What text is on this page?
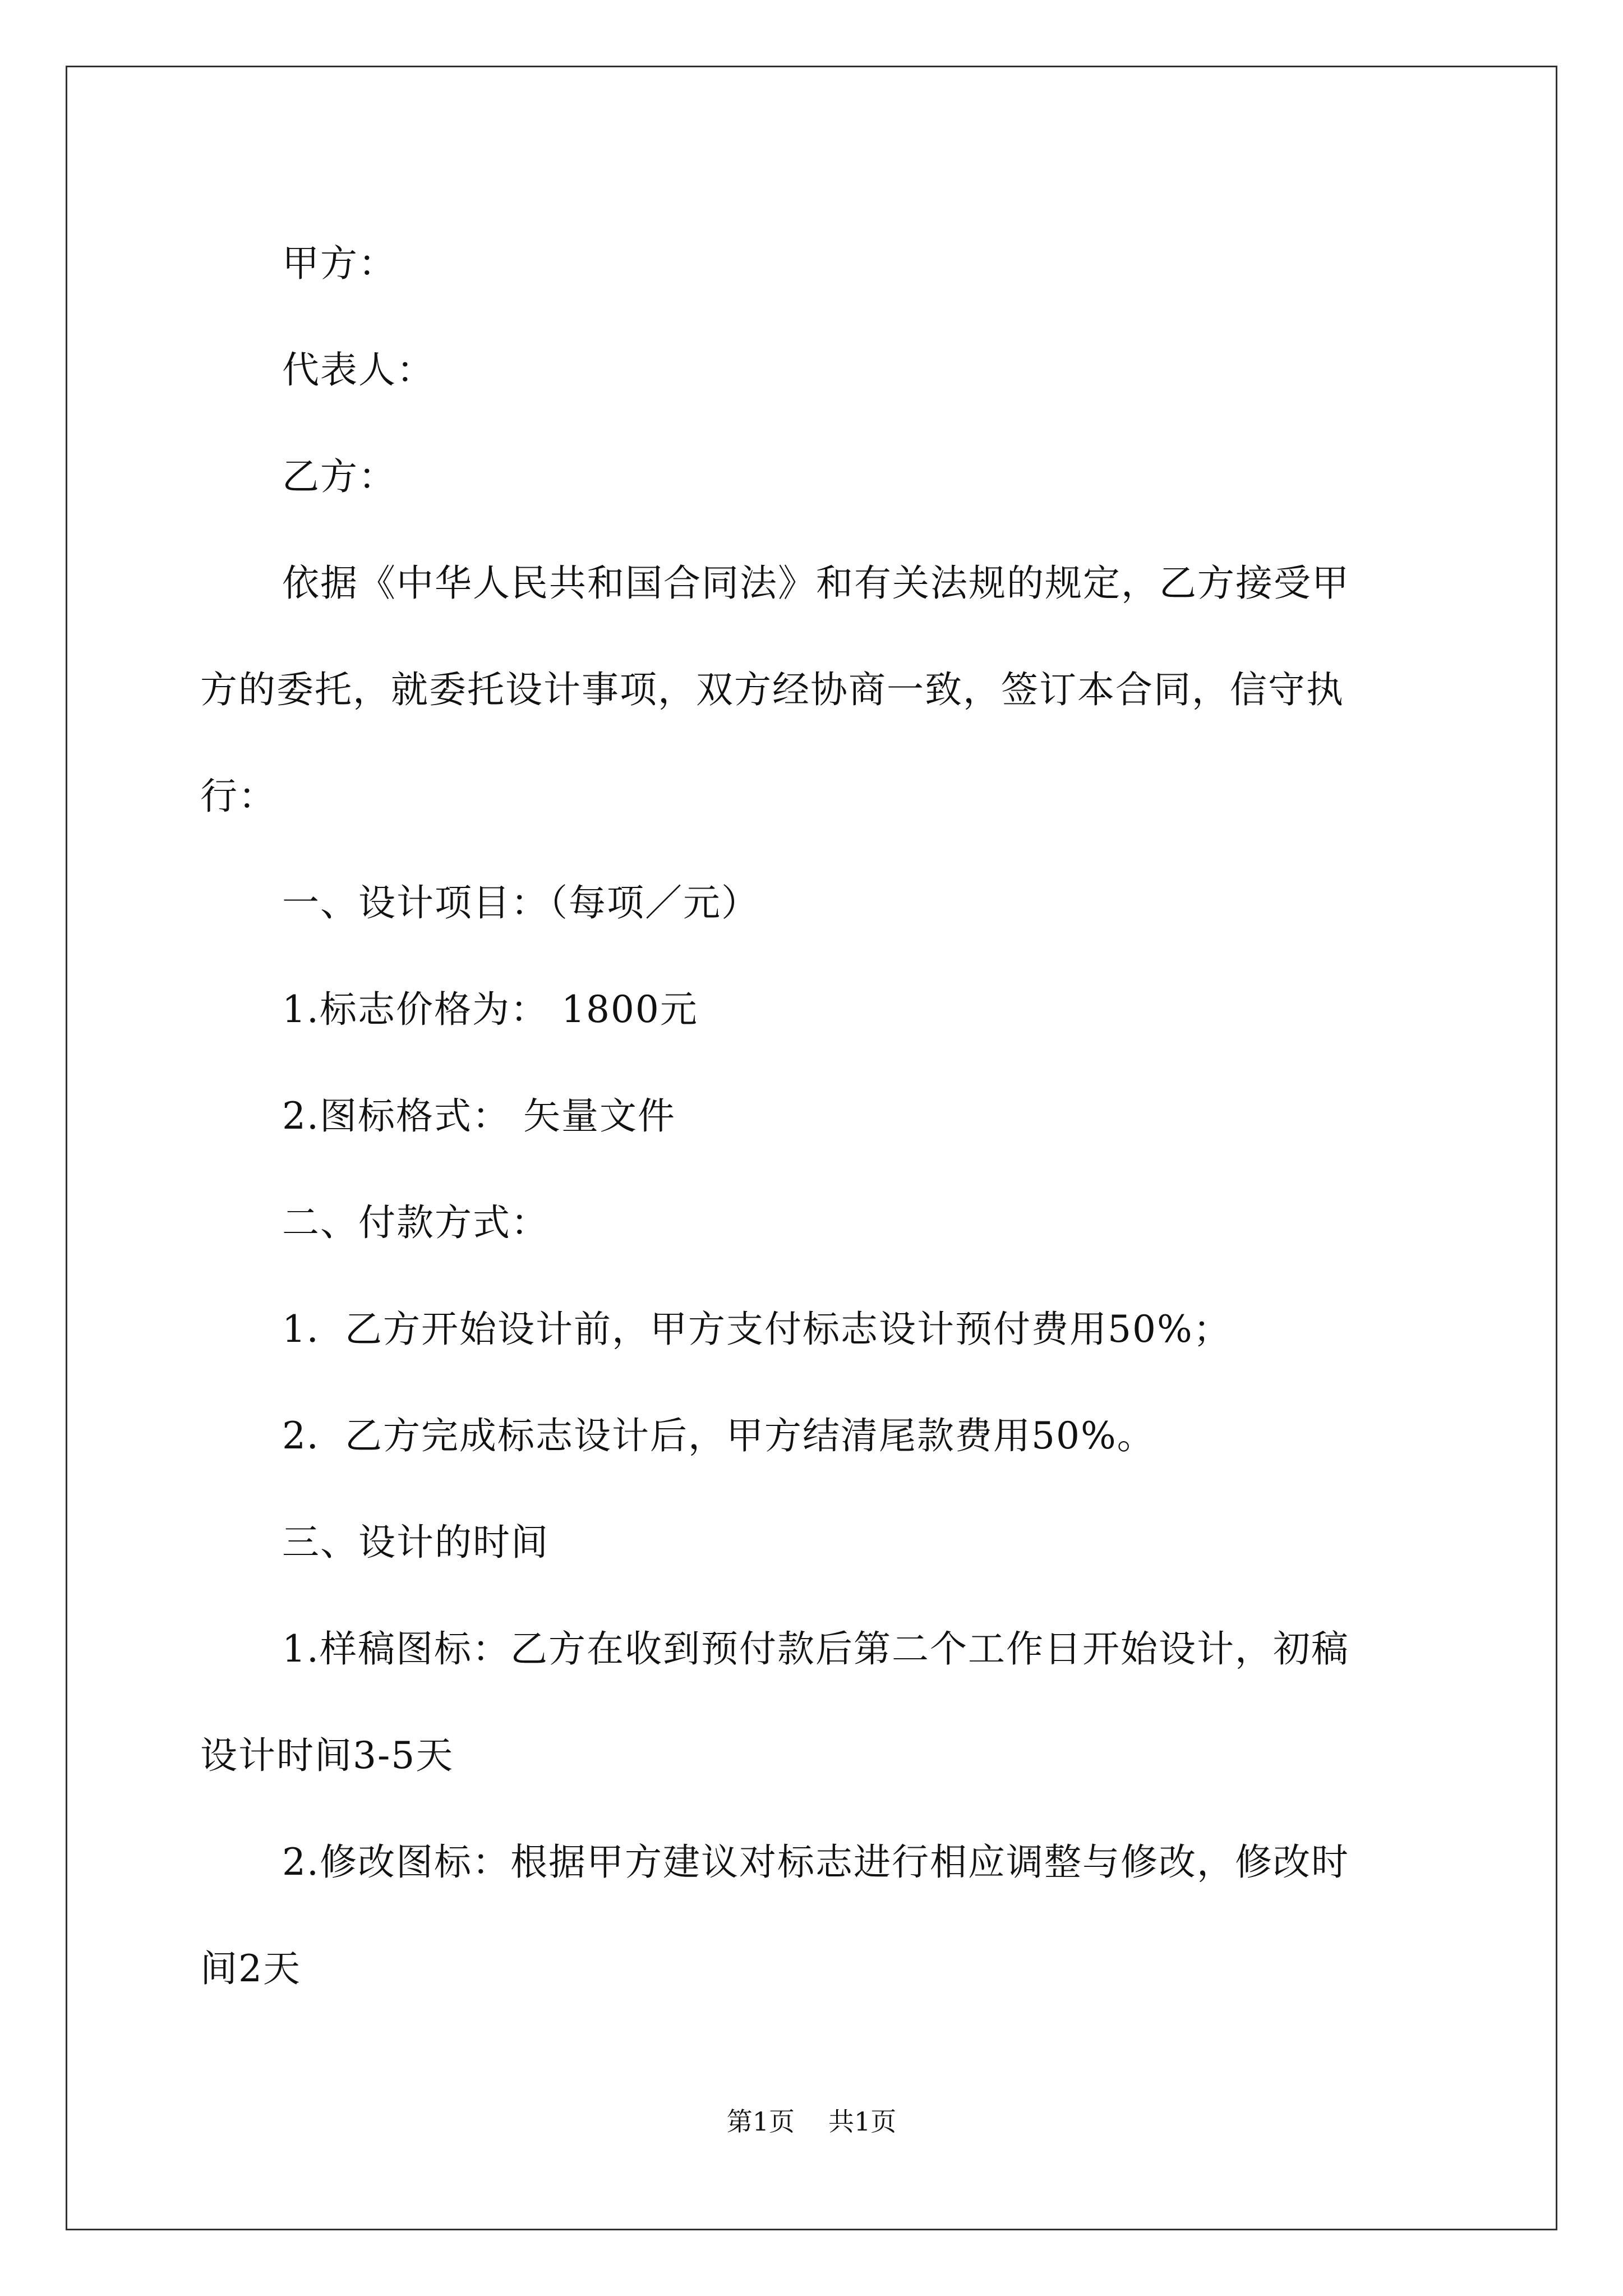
甲方：
代表人：
乙方：
依据《中华人民共和国合同法》和有关法规的规定，乙方接受甲
方的委托，就委托设计事项，双方经协商一致，签订本合同，信守执
行：
一、设计项目：（每项／元）
1.标志价格为： 1800元
2.图标格式： 矢量文件
二、付款方式：
1．乙方开始设计前，甲方支付标志设计预付费用50%；
2．乙方完成标志设计后，甲方结清尾款费用50%。
三、设计的时间
1.样稿图标：乙方在收到预付款后第二个工作日开始设计，初稿
设计时间3-5天
2.修改图标：根据甲方建议对标志进行相应调整与修改，修改时
间2天
第1页 共1页
